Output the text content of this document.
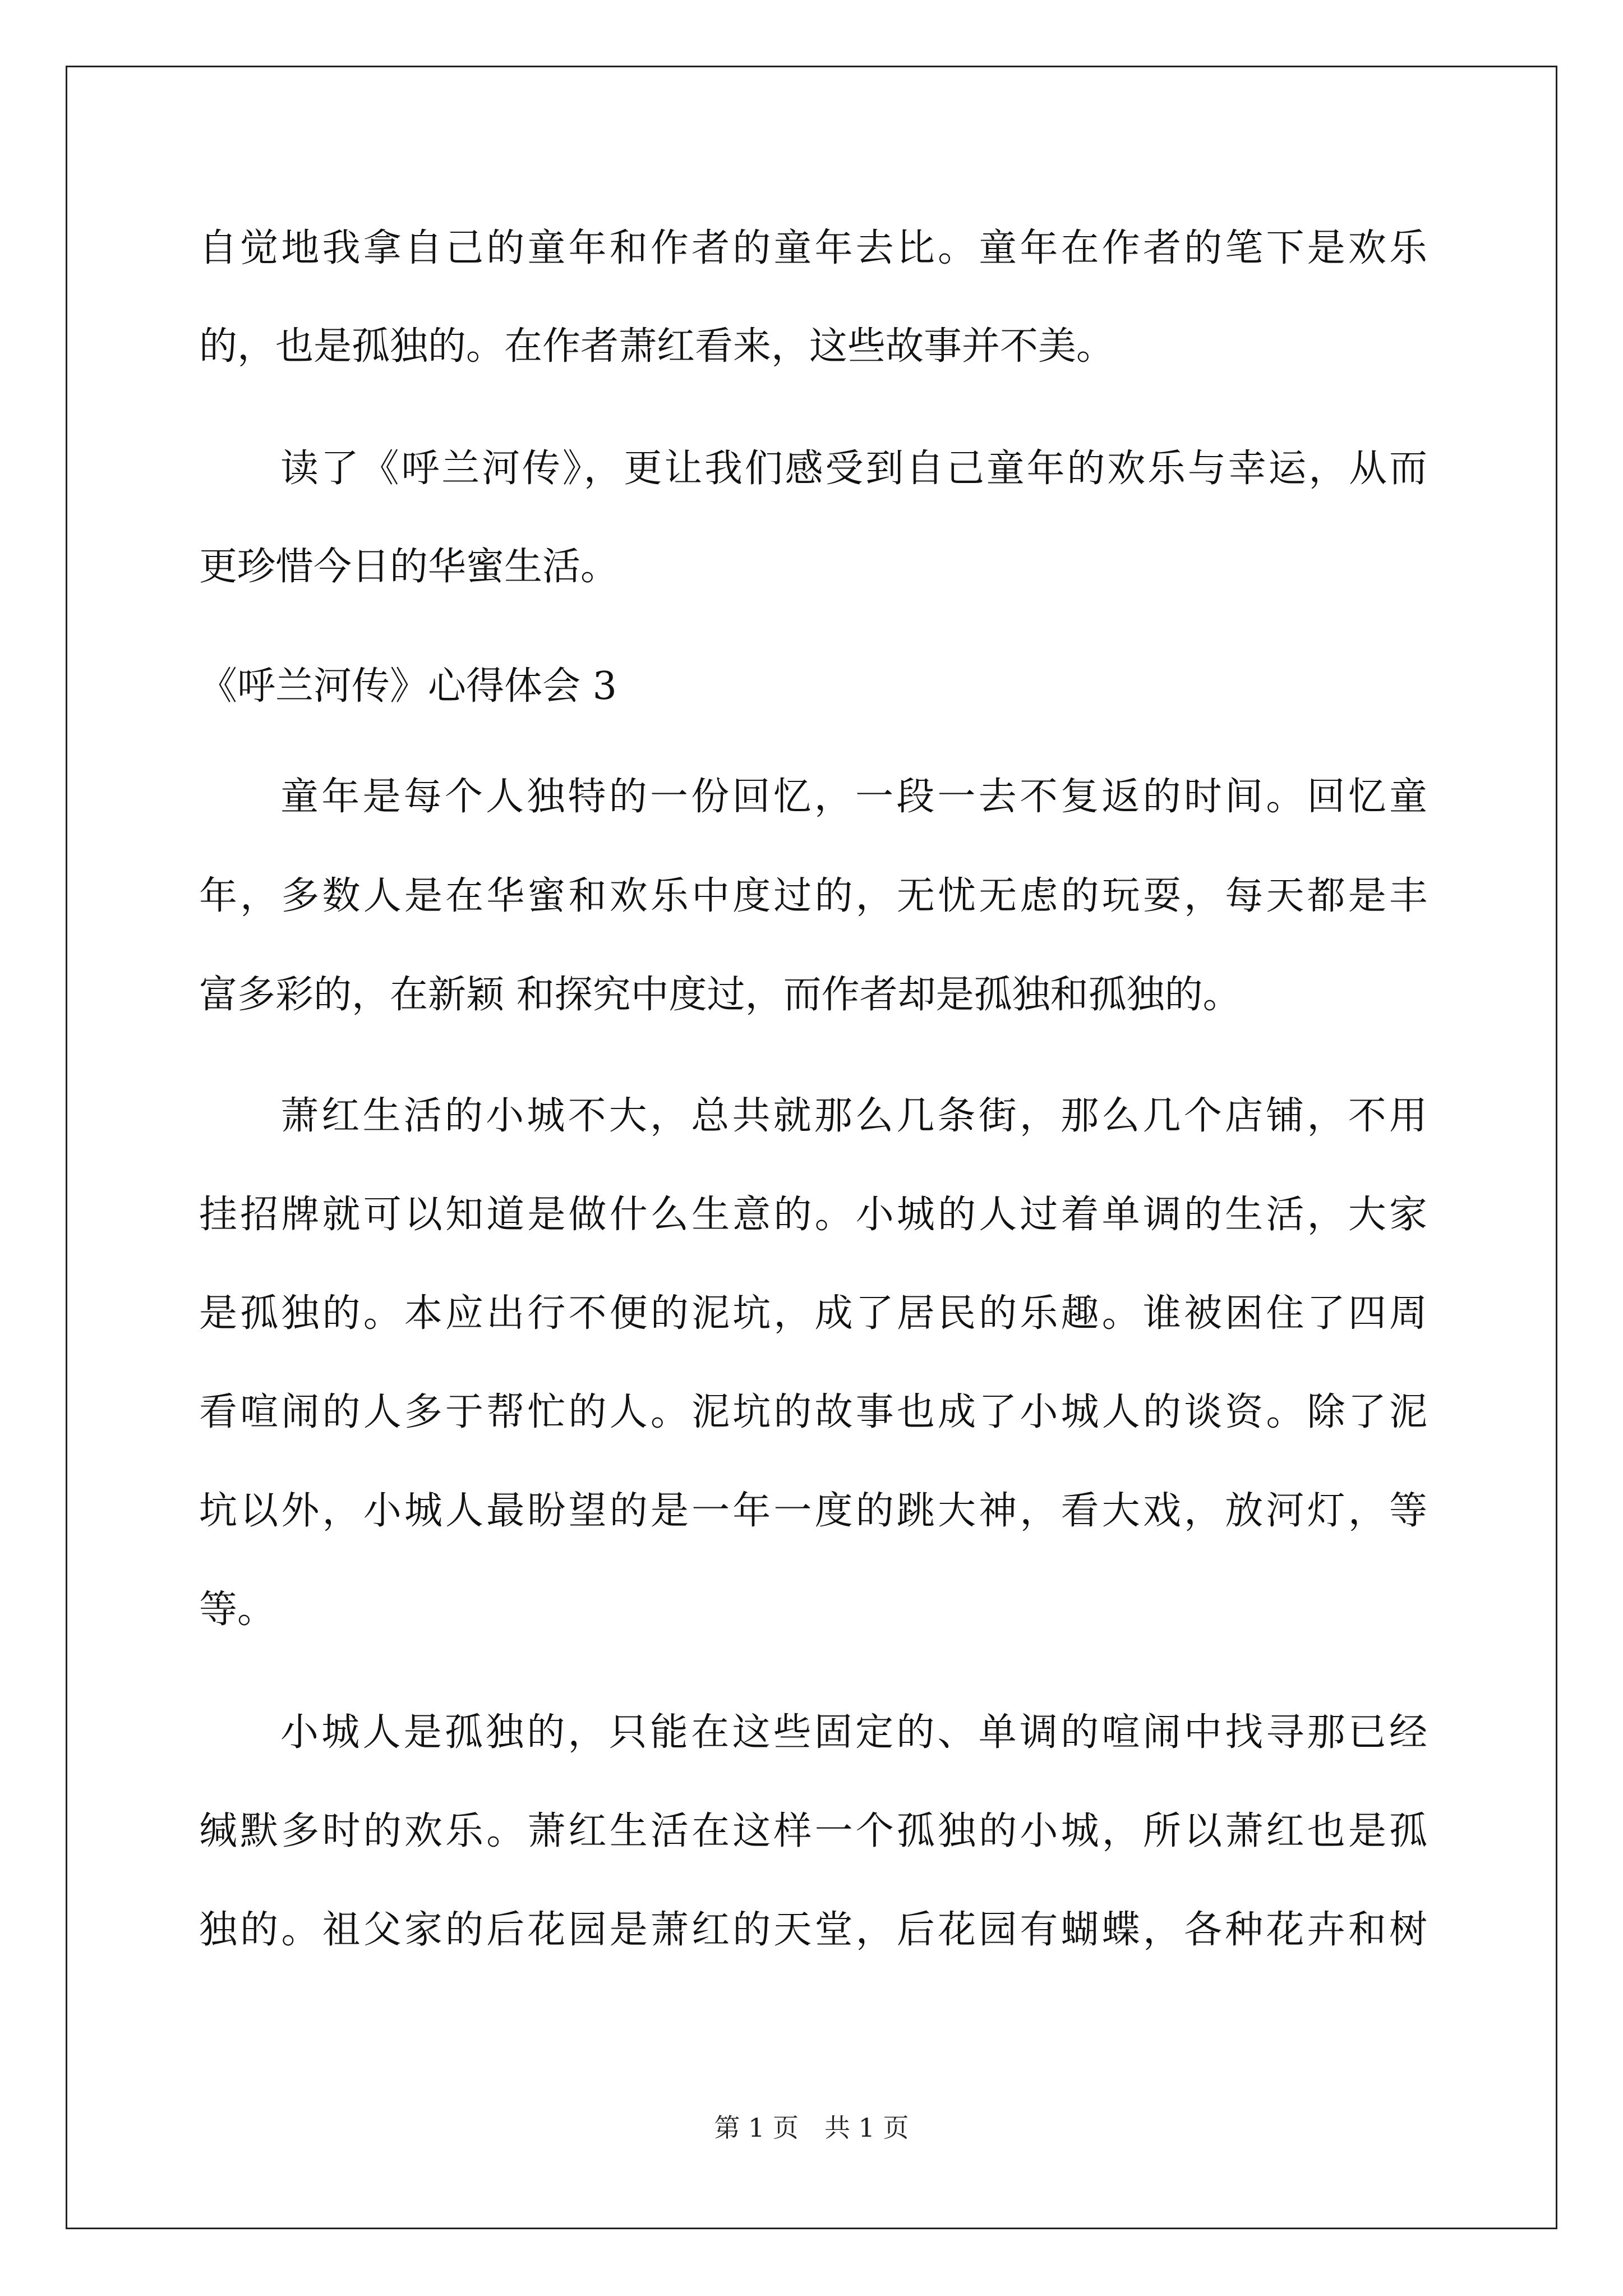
自觉地我拿自己的童年和作者的童年去比。童年在作者的笔下是欢乐
的，也是孤独的。在作者萧红看来，这些故事并不美。
读了《呼兰河传》，更让我们感受到自己童年的欢乐与幸运，从而
更珍惜今日的华蜜生活。
《呼兰河传》心得体会 3
童年是每个人独特的一份回忆，一段一去不复返的时间。回忆童
年，多数人是在华蜜和欢乐中度过的，无忧无虑的玩耍，每天都是丰
富多彩的，在新颖 和探究中度过，而作者却是孤独和孤独的。
萧红生活的小城不大，总共就那么几条街，那么几个店铺，不用
挂招牌就可以知道是做什么生意的。小城的人过着单调的生活，大家
是孤独的。本应出行不便的泥坑，成了居民的乐趣。谁被困住了四周
看喧闹的人多于帮忙的人。泥坑的故事也成了小城人的谈资。除了泥
坑以外，小城人最盼望的是一年一度的跳大神，看大戏，放河灯，等
等。
小城人是孤独的，只能在这些固定的、单调的喧闹中找寻那已经
缄默多时的欢乐。萧红生活在这样一个孤独的小城，所以萧红也是孤
独的。祖父家的后花园是萧红的天堂，后花园有蝴蝶，各种花卉和树
第 1 页　共 1 页
